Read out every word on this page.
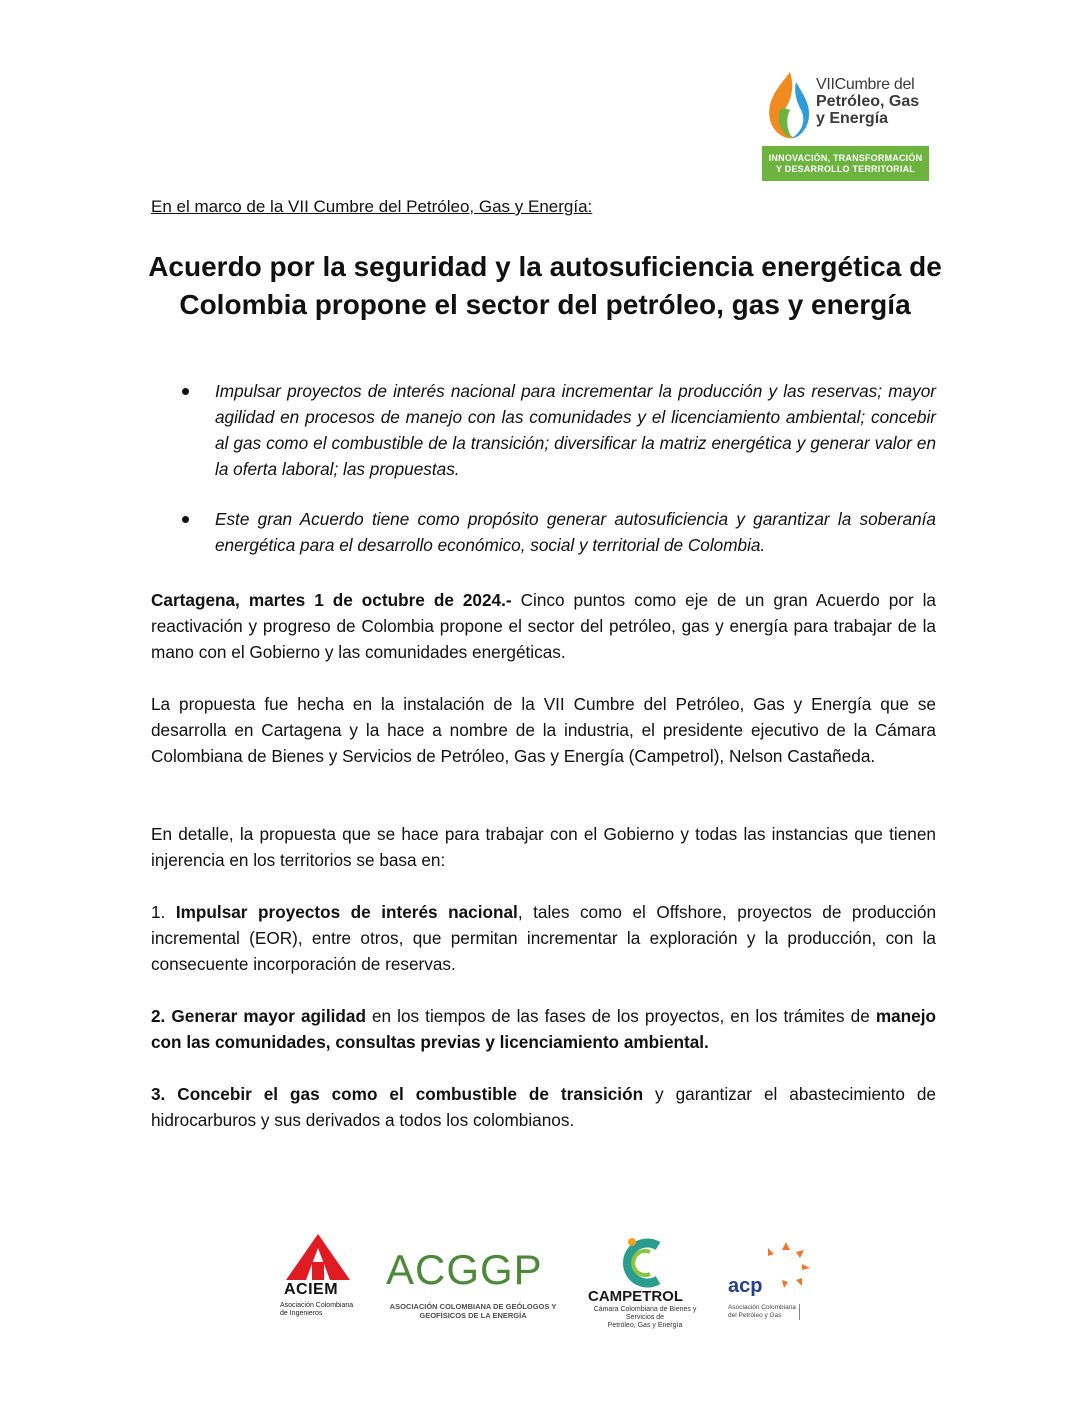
VIICumbre del
Petróleo, Gas
y Energía
INNOVACIÓN, TRANSFORMACIÓN
Y DESARROLLO TERRITORIAL

En el marco de la VII Cumbre del Petróleo, Gas y Energía:

Acuerdo por la seguridad y la autosuficiencia energética de Colombia propone el sector del petróleo, gas y energía
Impulsar proyectos de interés nacional para incrementar la producción y las reservas; mayor agilidad en procesos de manejo con las comunidades y el licenciamiento ambiental; concebir al gas como el combustible de la transición; diversificar la matriz energética y generar valor en la oferta laboral; las propuestas.
Este gran Acuerdo tiene como propósito generar autosuficiencia y garantizar la soberanía energética para el desarrollo económico, social y territorial de Colombia.

Cartagena, martes 1 de octubre de 2024.- Cinco puntos como eje de un gran Acuerdo por la reactivación y progreso de Colombia propone el sector del petróleo, gas y energía para trabajar de la mano con el Gobierno y las comunidades energéticas.

La propuesta fue hecha en la instalación de la VII Cumbre del Petróleo, Gas y Energía que se desarrolla en Cartagena y la hace a nombre de la industria, el presidente ejecutivo de la Cámara Colombiana de Bienes y Servicios de Petróleo, Gas y Energía (Campetrol), Nelson Castañeda.

En detalle, la propuesta que se hace para trabajar con el Gobierno y todas las instancias que tienen injerencia en los territorios se basa en:

1. Impulsar proyectos de interés nacional, tales como el Offshore, proyectos de producción incremental (EOR), entre otros, que permitan incrementar la exploración y la producción, con la consecuente incorporación de reservas.

2. Generar mayor agilidad en los tiempos de las fases de los proyectos, en los trámites de manejo con las comunidades, consultas previas y licenciamiento ambiental.

3. Concebir el gas como el combustible de transición y garantizar el abastecimiento de hidrocarburos y sus derivados a todos los colombianos.

ACIEM
Asociación Colombiana
de Ingenieros
ACGGP
ASOCIACIÓN COLOMBIANA DE GEÓLOGOS Y
GEOFÍSICOS DE LA ENERGÍA
CAMPETROL
Cámara Colombiana de Bienes y Servicios de
Petróleo, Gas y Energía
acp
Asociación Colombiana
del Petróleo y Gas
